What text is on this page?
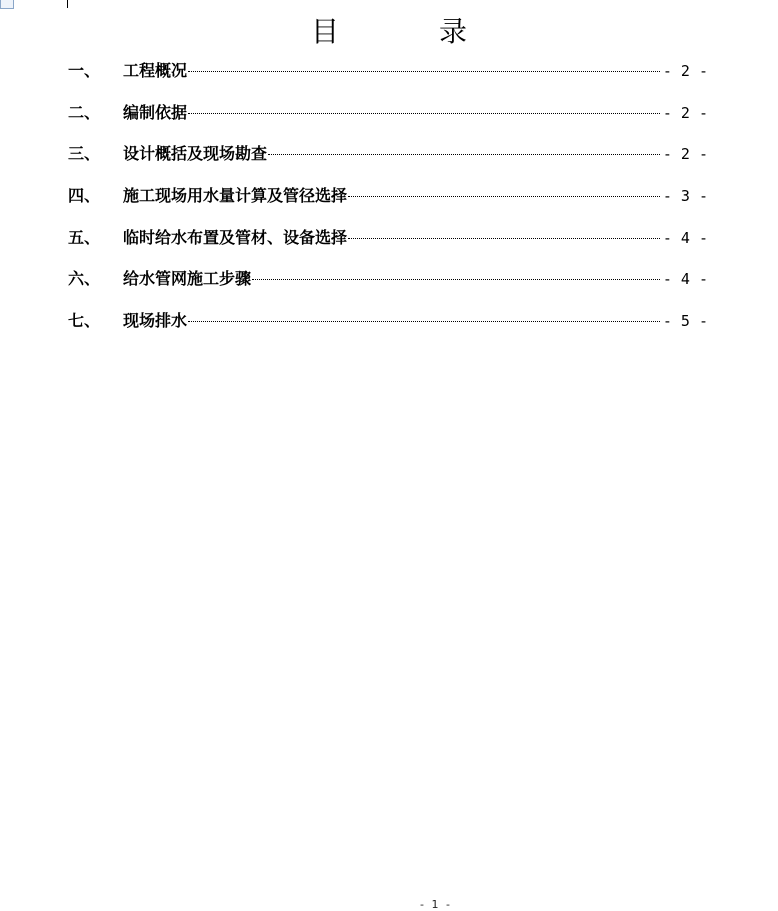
目　录
一、	工程概况	- 2 -
二、	编制依据	- 2 -
三、	设计概括及现场勘查	- 2 -
四、	施工现场用水量计算及管径选择	- 3 -
五、	临时给水布置及管材、设备选择	- 4 -
六、	给水管网施工步骤	- 4 -
七、	现场排水	- 5 -
- 1 -
